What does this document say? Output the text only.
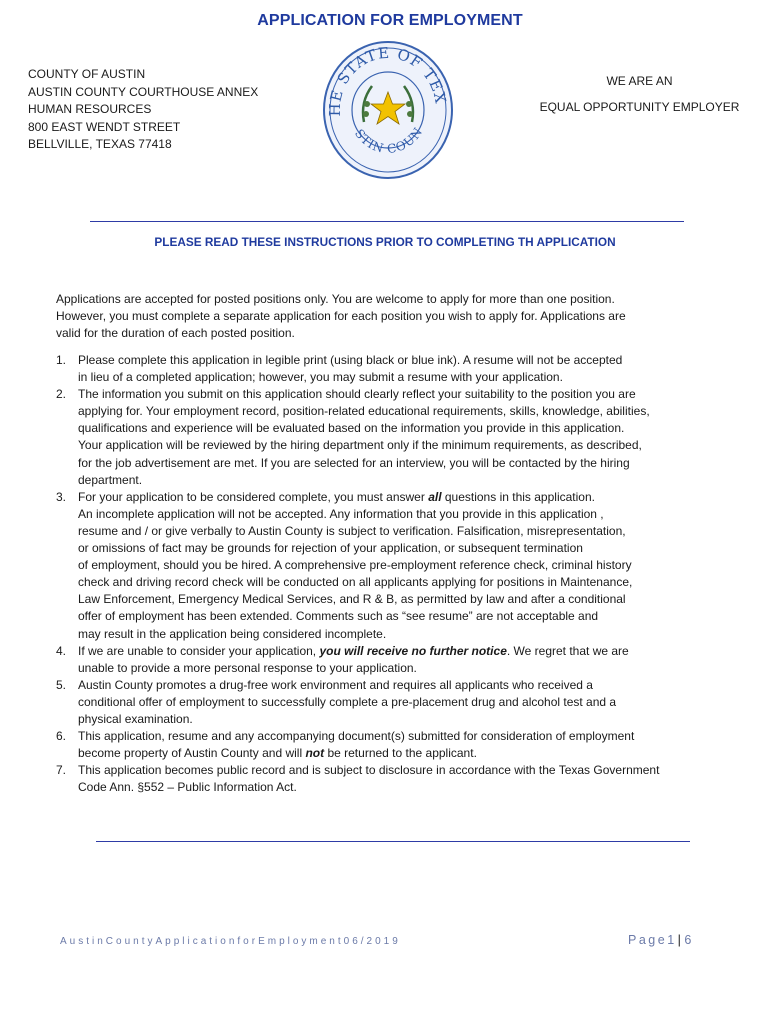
APPLICATION FOR EMPLOYMENT
COUNTY OF AUSTIN
AUSTIN COUNTY COURTHOUSE ANNEX
HUMAN RESOURCES
800 EAST WENDT STREET
BELLVILLE, TEXAS 77418
HE STATE OF TEX
STIN COUN
WE ARE AN
EQUAL OPPORTUNITY EMPLOYER
PLEASE READ THESE INSTRUCTIONS PRIOR TO COMPLETING TH APPLICATION
Applications are accepted for posted positions only. You are welcome to apply for more than one position.
However, you must complete a separate application for each position you wish to apply for. Applications are
valid for the duration of each posted position.
1. Please complete this application in legible print (using black or blue ink). A resume will not be accepted
in lieu of a completed application; however, you may submit a resume with your application.
2. The information you submit on this application should clearly reflect your suitability to the position you are
applying for. Your employment record, position-related educational requirements, skills, knowledge, abilities,
qualifications and experience will be evaluated based on the information you provide in this application.
Your application will be reviewed by the hiring department only if the minimum requirements, as described,
for the job advertisement are met. If you are selected for an interview, you will be contacted by the hiring
department.
3. For your application to be considered complete, you must answer all questions in this application.
An incomplete application will not be accepted. Any information that you provide in this application ,
resume and / or give verbally to Austin County is subject to verification. Falsification, misrepresentation,
or omissions of fact may be grounds for rejection of your application, or subsequent termination
of employment, should you be hired. A comprehensive pre-employment reference check, criminal history
check and driving record check will be conducted on all applicants applying for positions in Maintenance,
Law Enforcement, Emergency Medical Services, and R & B, as permitted by law and after a conditional
offer of employment has been extended. Comments such as “see resume” are not acceptable and
may result in the application being considered incomplete.
4. If we are unable to consider your application, you will receive no further notice. We regret that we are
unable to provide a more personal response to your application.
5. Austin County promotes a drug-free work environment and requires all applicants who received a
conditional offer of employment to successfully complete a pre-placement drug and alcohol test and a
physical examination.
6. This application, resume and any accompanying document(s) submitted for consideration of employment
become property of Austin County and will not be returned to the applicant.
7. This application becomes public record and is subject to disclosure in accordance with the Texas Government
Code Ann. §552 – Public Information Act.
AustinCountyApplicationforEmployment06/2019	Page1 | 6
